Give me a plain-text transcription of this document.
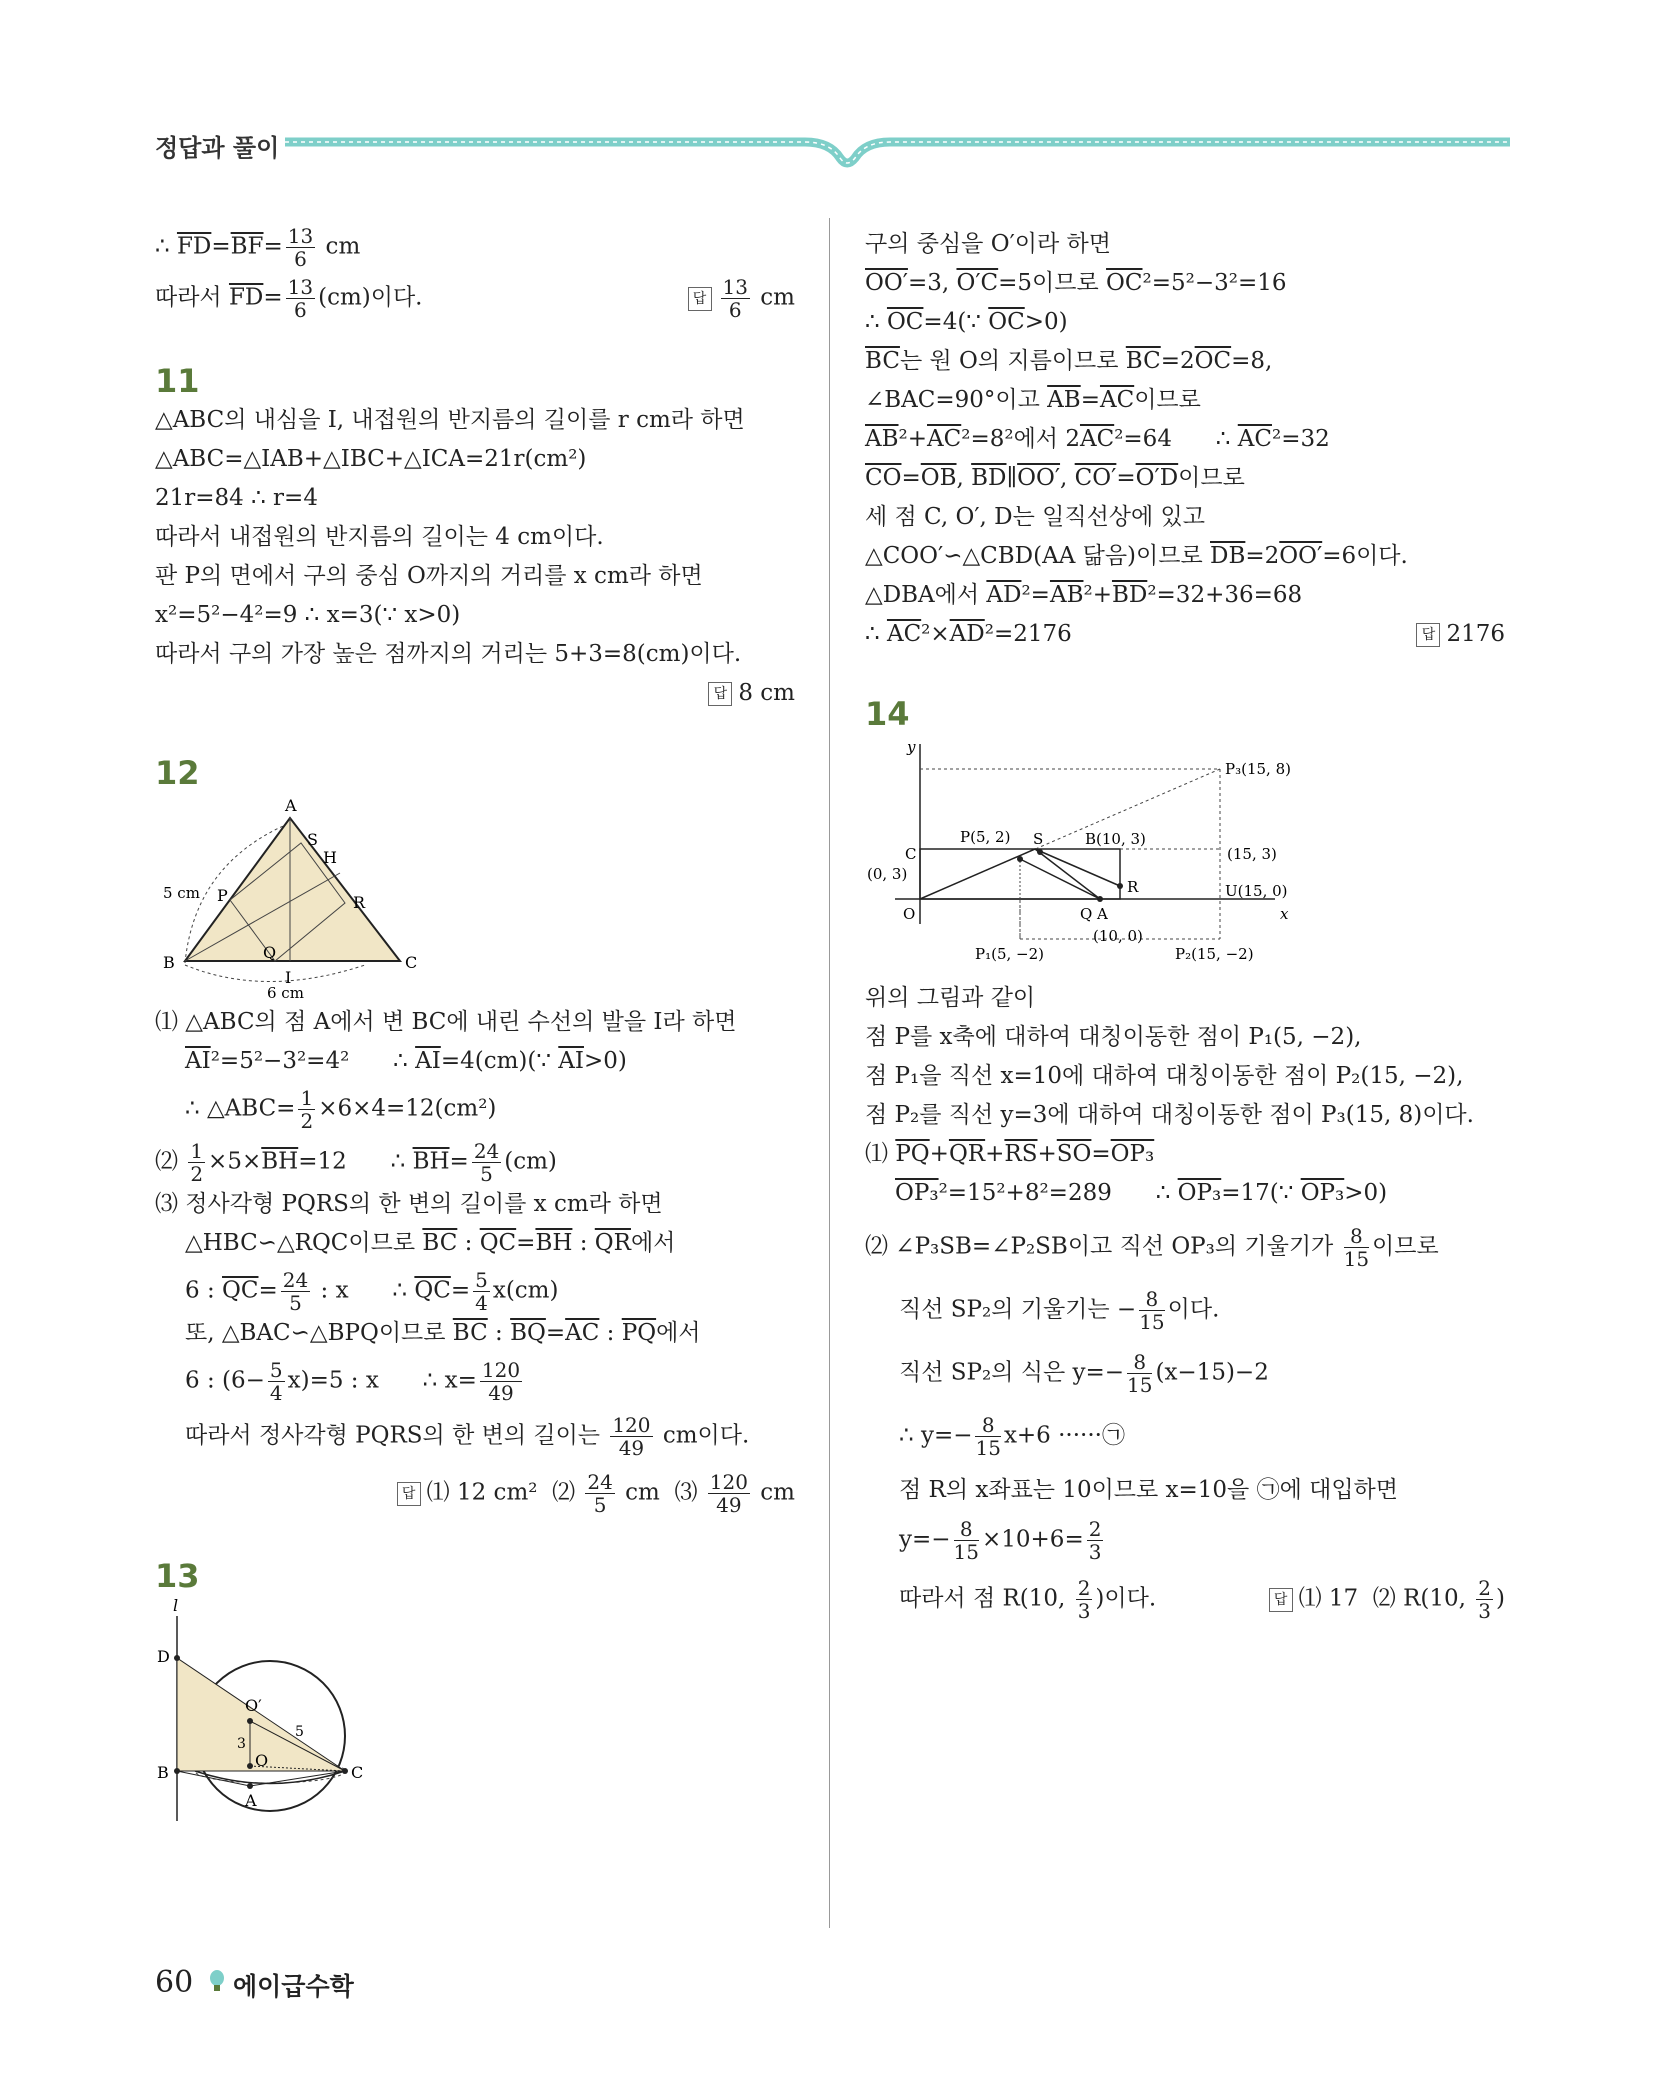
정답과 풀이
∴ $\overline{FD}=\overline{BF}= \frac{13}{6}$ cm
따라서 $\overline{FD}= \frac{13}{6} (cm)$이다.	답 $\frac{13}{6}$ cm
11
△ABC의 내심을 I, 내접원의 반지름의 길이를 r cm라 하면
△ABC=△IAB+△IBC+△ICA=21r(cm²)
21r=84 ∴ r=4
따라서 내접원의 반지름의 길이는 4 cm이다.
판 P의 면에서 구의 중심 O까지의 거리를 x cm라 하면
x²=5²−4²=9 ∴ x=3(∵ x>0)
따라서 구의 가장 높은 점까지의 거리는 5+3=8(cm)이다.
답 8 cm
12
A
S
H
P	R
B
Q
I
C
5 cm
6 cm
⑴ △ABC의 점 A에서 변 BC에 내린 수선의 발을 I라 하면
$\overline{AI}^2=5^2-3^2=4^2$      ∴ $\overline{AI}=4(cm)(\because$ $\overline{AI}>0$)
∴ △ABC= $\frac{1}{2} \times 6\times 4=12(cm^2)$
⑵ $\frac{1}{2} \times 5\times\overline{BH}=12$      ∴ $\overline{BH}= \frac{24}{5} (cm)$
⑶ 정사각형 PQRS의 한 변의 길이를 x cm라 하면
△HBC∽△RQC이므로 $\overline{BC}$ : $\overline{QC}=\overline{BH}$ : $\overline{QR}$에서
6 : $\overline{QC}= \frac{24}{5}$ : x      ∴ $\overline{QC}= \frac{5}{4} x(cm)$
또, △BAC∽△BPQ이므로 $\overline{BC}$ : $\overline{BQ}=\overline{AC}$ : $\overline{PQ}$에서
6 : $(6- \frac{5}{4} x)=5$ : x      ∴ $x= \frac{120}{49}$
따라서 정사각형 PQRS의 한 변의 길이는 $\frac{120}{49}$ cm이다.
답 ⑴ 12 cm²  ⑵ $\frac{24}{5}$ cm  ⑶ $\frac{120}{49}$ cm
13
l
D
O′
3
5
O
B	C
A
구의 중심을 O′이라 하면
OO′=3, O′C=5이므로 $\overline{OC}^2=5^2-3^2=16$
∴ $\overline{OC}=4(\because$ $\overline{OC}>0$)
$\overline{BC}$는 원 O의 지름이므로 $\overline{BC}=2\overline{OC}=8$,
∠BAC=90°이고 $\overline{AB}=\overline{AC}$이므로
$\overline{AB}^2+\overline{AC}^2=8^2$에서 $2\overline{AC}^2=64$      ∴ $\overline{AC}^2=32$
$\overline{CO}=\overline{OB}$, $\overline{BD}\parallel OO'$, CO′=O′D이므로
세 점 C, O′, D는 일직선상에 있고
△COO′∽△CBD(AA 닮음)이므로 $\overline{DB}=2OO'=6$이다.
△DBA에서 $\overline{AD}^2=\overline{AB}^2+\overline{BD}^2=32+36=68$
∴ $\overline{AC}^2\times\overline{AD}^2=2176$	답 2176
14
y
x
O
P₃(15, 8)
P(5, 2) S	B(10, 3)
C
(0, 3)
(15, 3)
R	U(15, 0)
Q A
(10, 0)
P₁(5, −2)	P₂(15, −2)
위의 그림과 같이
점 P를 x축에 대하여 대칭이동한 점이 P₁(5, −2),
점 P₁을 직선 x=10에 대하여 대칭이동한 점이 P₂(15, −2),
점 P₂를 직선 y=3에 대하여 대칭이동한 점이 P₃(15, 8)이다.
⑴ $\overline{PQ}+\overline{QR}+\overline{RS}+\overline{SO}=OP_3$
OP₃²=15²+8²=289      ∴ OP₃=17(∵ OP₃>0)
⑵ ∠P₃SB=∠P₂SB이고 직선 OP₃의 기울기가 $\frac{8}{15}$ 이므로
직선 SP₂의 기울기는 − $\frac{8}{15}$ 이다.
직선 SP₂의 식은 $y=- \frac{8}{15} (x-15)-2$
∴ $y=- \frac{8}{15} x+6$ ······㉠
점 R의 x좌표는 10이므로 x=10을 ㉠에 대입하면
$y=- \frac{8}{15} \times 10+6= \frac{2}{3}$
따라서 점 R(10, $\frac{2}{3}$ )이다.	답 ⑴ 17  ⑵ R(10, $\frac{2}{3}$ )
60 에이급수학
